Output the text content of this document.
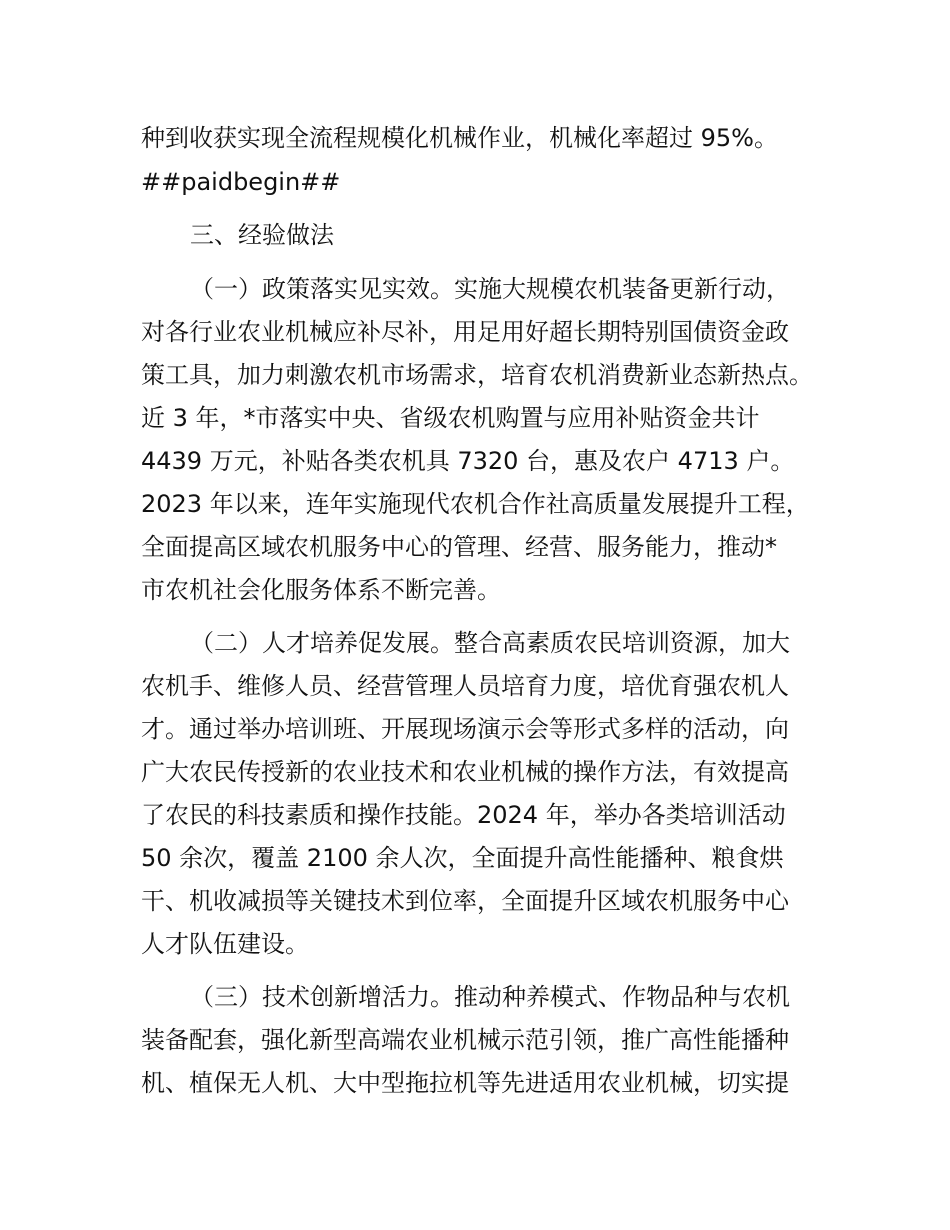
种到收获实现全流程规模化机械作业，机械化率超过 95%。

##paidbegin##

三、经验做法

（一）政策落实见实效。实施大规模农机装备更新行动，

对各行业农业机械应补尽补，用足用好超长期特别国债资金政

策工具，加力刺激农机市场需求，培育农机消费新业态新热点。

近 3 年，*市落实中央、省级农机购置与应用补贴资金共计

4439 万元，补贴各类农机具 7320 台，惠及农户 4713 户。

2023 年以来，连年实施现代农机合作社高质量发展提升工程，

全面提高区域农机服务中心的管理、经营、服务能力，推动*

市农机社会化服务体系不断完善。

（二）人才培养促发展。整合高素质农民培训资源，加大

农机手、维修人员、经营管理人员培育力度，培优育强农机人

才。通过举办培训班、开展现场演示会等形式多样的活动，向

广大农民传授新的农业技术和农业机械的操作方法，有效提高

了农民的科技素质和操作技能。2024 年，举办各类培训活动

50 余次，覆盖 2100 余人次，全面提升高性能播种、粮食烘

干、机收减损等关键技术到位率，全面提升区域农机服务中心

人才队伍建设。

（三）技术创新增活力。推动种养模式、作物品种与农机

装备配套，强化新型高端农业机械示范引领，推广高性能播种

机、植保无人机、大中型拖拉机等先进适用农业机械，切实提
